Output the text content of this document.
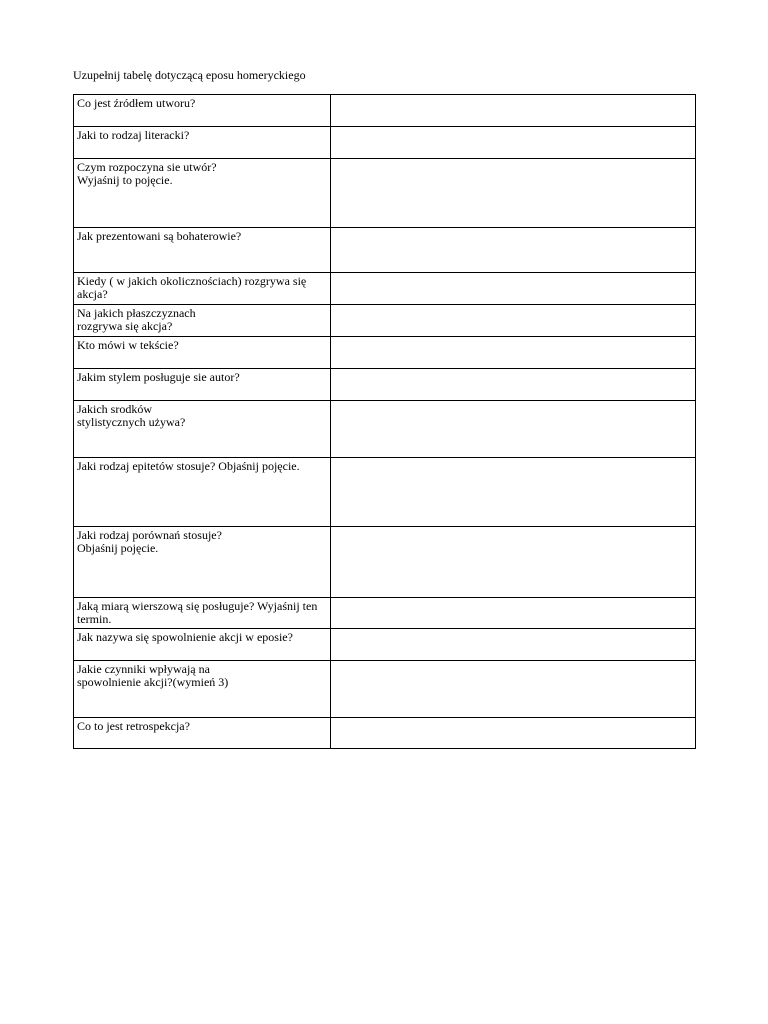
Uzupełnij tabelę dotyczącą eposu homeryckiego
Co jest źródłem utworu?	

Jaki to rodzaj literacki?	

Czym rozpoczyna sie utwór?
Wyjaśnij to pojęcie.	

Jak prezentowani są bohaterowie?	

Kiedy ( w jakich okolicznościach) rozgrywa się akcja?	

Na jakich płaszczyznach
rozgrywa się akcja?	

Kto mówi w tekście?	

Jakim stylem posługuje sie autor?	

Jakich srodków
stylistycznych używa?	

Jaki rodzaj epitetów stosuje? Objaśnij pojęcie.	

Jaki rodzaj porównań stosuje?
Objaśnij pojęcie.	

Jaką miarą wierszową się posługuje? Wyjaśnij ten termin.	

Jak nazywa się spowolnienie akcji w eposie?	

Jakie czynniki wpływają na
spowolnienie akcji?(wymień 3)	

Co to jest retrospekcja?	
